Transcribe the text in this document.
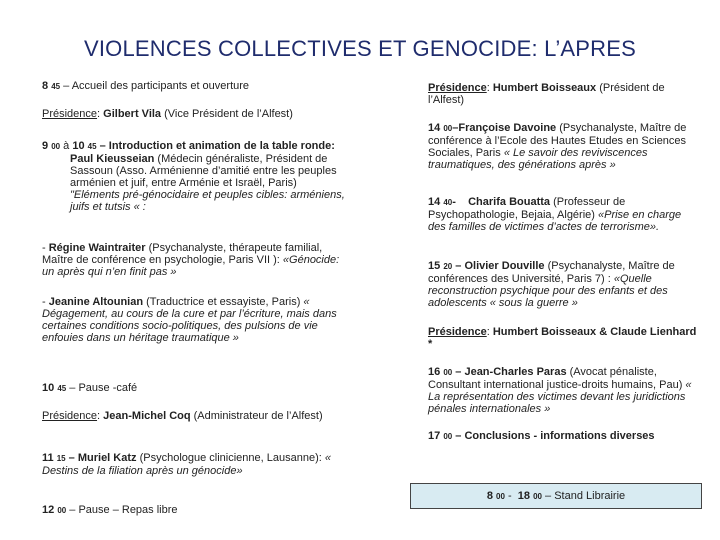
VIOLENCES COLLECTIVES ET GENOCIDE: L’APRES
8 45 – Accueil des participants et ouverture
Présidence: Gilbert Vila (Vice Président de l’Alfest)
9 00 à 10 45 – Introduction et animation de la table ronde:
Paul Kieusseian (Médecin généraliste, Président de Sassoun (Asso. Arménienne d’amitié entre les peuples arménien et juif, entre Arménie et Israël, Paris) "Eléments pré-génocidaire et peuples cibles: arméniens, juifs et tutsis « :
- Régine Waintraiter (Psychanalyste, thérapeute familial, Maître de conférence en psychologie, Paris VII ): «Génocide: un après qui n’en finit pas »
- Jeanine Altounian (Traductrice et essayiste, Paris) « Dégagement, au cours de la cure et par l’écriture, mais dans certaines conditions socio-politiques, des pulsions de vie enfouies dans un héritage traumatique »
10 45 – Pause -café
Présidence: Jean-Michel Coq (Administrateur de l’Alfest)
11 15 – Muriel Katz (Psychologue clinicienne, Lausanne): « Destins de la filiation après un génocide»
12 00 – Pause – Repas libre
Présidence: Humbert Boisseaux (Président de l’Alfest)
14 00–Françoise Davoine (Psychanalyste, Maître de conférence à l’Ecole des Hautes Etudes en Sciences Sociales, Paris « Le savoir des reviviscences traumatiques, des générations après »
14 40-    Charifa Bouatta (Professeur de Psychopathologie, Bejaia, Algérie) «Prise en charge des familles de victimes d’actes de terrorisme».
15 20 – Olivier Douville (Psychanalyste, Maître de conférences des Université, Paris 7) : «Quelle reconstruction psychique pour des enfants et des adolescents « sous la guerre »
Présidence: Humbert Boisseaux & Claude Lienhard *
16 00 – Jean-Charles Paras (Avocat pénaliste, Consultant international justice-droits humains, Pau) « La représentation des victimes devant les juridictions pénales internationales »
17 00 – Conclusions - informations diverses
8 00 -  18 00 – Stand Librairie
